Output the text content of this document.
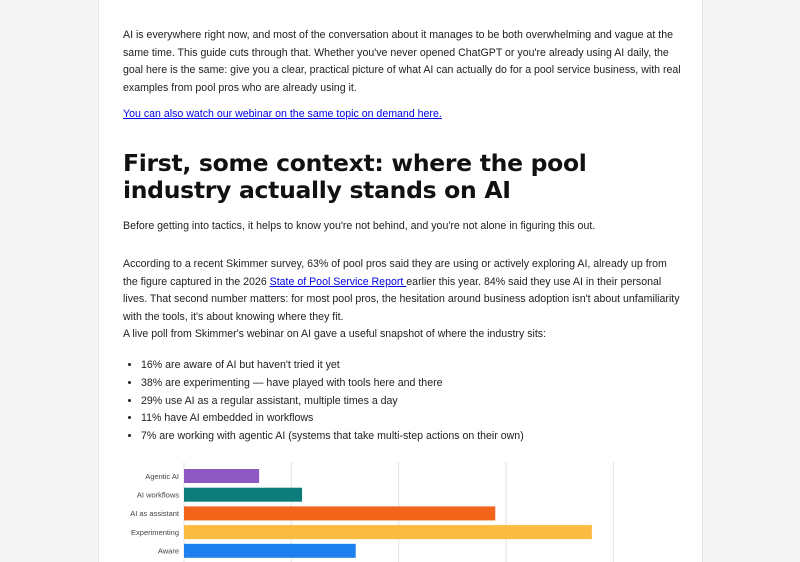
AI is everywhere right now, and most of the conversation about it manages to be both overwhelming and vague at the same time. This guide cuts through that. Whether you've never opened ChatGPT or you're already using AI daily, the goal here is the same: give you a clear, practical picture of what AI can actually do for a pool service business, with real examples from pool pros who are already using it.

You can also watch our webinar on the same topic on demand here.

First, some context: where the pool industry actually stands on AI

Before getting into tactics, it helps to know you're not behind, and you're not alone in figuring this out.

According to a recent Skimmer survey, 63% of pool pros said they are using or actively exploring AI, already up from the figure captured in the 2026 State of Pool Service Report earlier this year. 84% said they use AI in their personal lives. That second number matters: for most pool pros, the hesitation around business adoption isn't about unfamiliarity with the tools, it's about knowing where they fit.

A live poll from Skimmer's webinar on AI gave a useful snapshot of where the industry sits:

• 16% are aware of AI but haven't tried it yet
• 38% are experimenting — have played with tools here and there
• 29% use AI as a regular assistant, multiple times a day
• 11% have AI embedded in workflows
• 7% are working with agentic AI (systems that take multi-step actions on their own)
Agentic AI
AI workflows
AI as assistant
Experimenting
Aware
